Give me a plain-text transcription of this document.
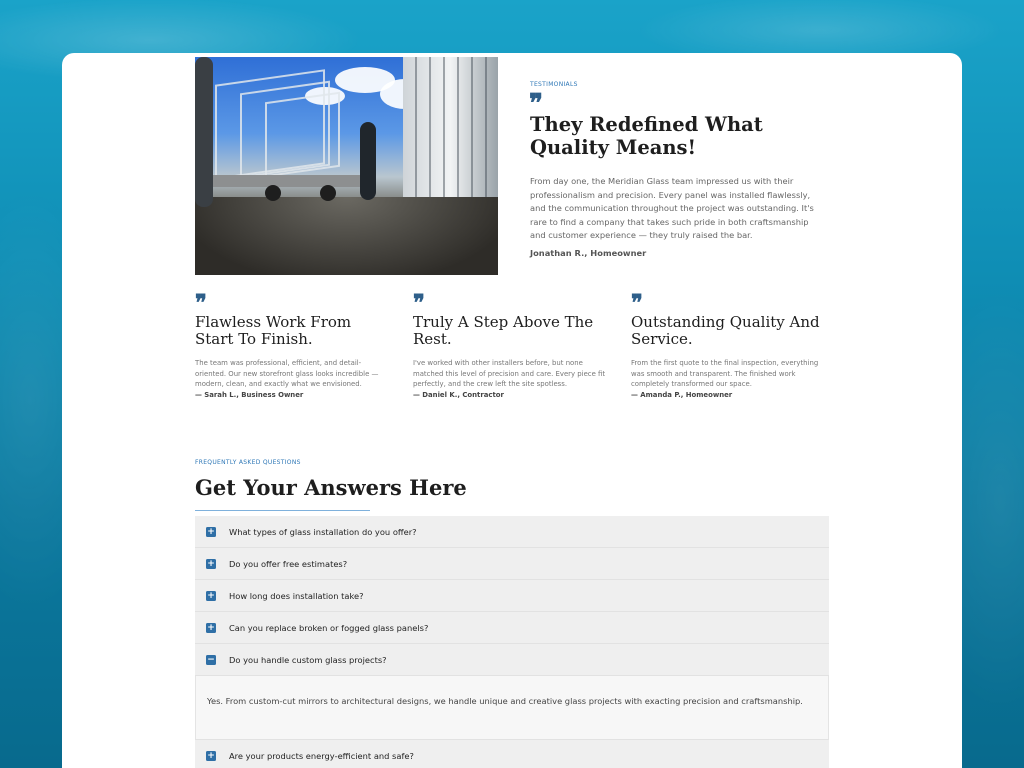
TESTIMONIALS
❞
They Redefined What Quality Means!

From day one, the Meridian Glass team impressed us with their professionalism and precision. Every panel was installed flawlessly, and the communication throughout the project was outstanding. It's rare to find a company that takes such pride in both craftsmanship and customer experience — they truly raised the bar.

Jonathan R., Homeowner
❞
Flawless Work From Start To Finish.
The team was professional, efficient, and detail-oriented. Our new storefront glass looks incredible — modern, clean, and exactly what we envisioned.
— Sarah L., Business Owner
❞
Truly A Step Above The Rest.
I've worked with other installers before, but none matched this level of precision and care. Every piece fit perfectly, and the crew left the site spotless.
— Daniel K., Contractor
❞
Outstanding Quality And Service.
From the first quote to the final inspection, everything was smooth and transparent. The finished work completely transformed our space.
— Amanda P., Homeowner
FREQUENTLY ASKED QUESTIONS
Get Your Answers Here
+ What types of glass installation do you offer?
+ Do you offer free estimates?
+ How long does installation take?
+ Can you replace broken or fogged glass panels?
− Do you handle custom glass projects?
Yes. From custom-cut mirrors to architectural designs, we handle unique and creative glass projects with exacting precision and craftsmanship.
+ Are your products energy-efficient and safe?
